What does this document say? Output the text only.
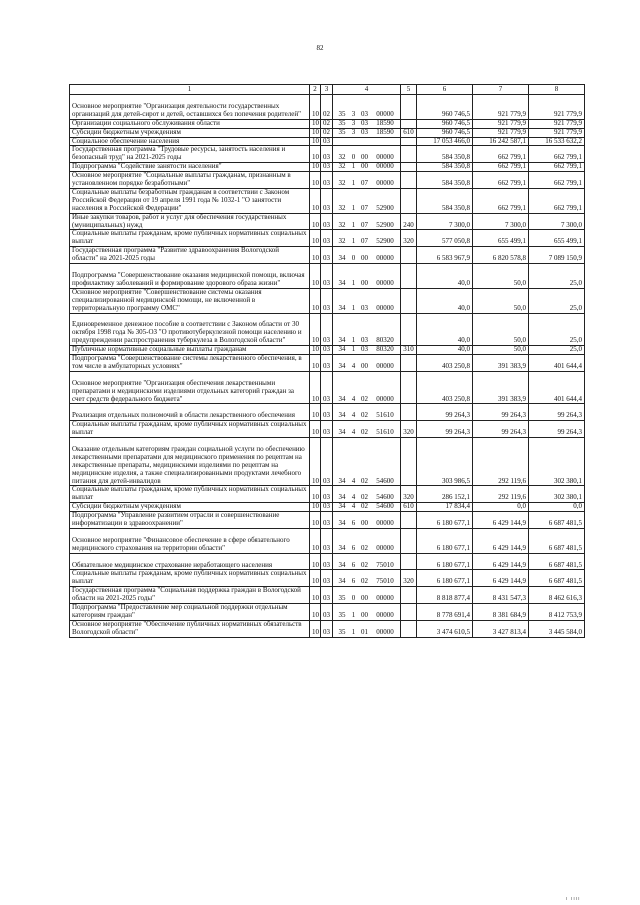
82
1	2	3	4	5	6	7	8
Основное мероприятие "Организация деятельности государственных организаций для детей-сирот и детей, оставшихся без попечения родителей"	10	02	35 3 03 00000		960 746,5	921 779,9	921 779,9
Организации социального обслуживания области	10	02	35 3 03 18590		960 746,5	921 779,9	921 779,9
Субсидии бюджетным учреждениям	10	02	35 3 03 18590	610	960 746,5	921 779,9	921 779,9
Социальное обеспечение населения	10	03			17 053 466,0	16 242 587,1	16 533 632,2
Государственная программа "Трудовые ресурсы, занятость населения и безопасный труд" на 2021-2025 годы	10	03	32 0 00 00000		584 350,8	662 799,1	662 799,1
Подпрограмма "Содействие занятости населения"	10	03	32 1 00 00000		584 350,8	662 799,1	662 799,1
Основное мероприятие "Социальные выплаты гражданам, признанным в установленном порядке безработными"	10	03	32 1 07 00000		584 350,8	662 799,1	662 799,1
Социальные выплаты безработным гражданам в соответствии с Законом Российской Федерации от 19 апреля 1991 года № 1032-1 "О занятости населения в Российской Федерации"	10	03	32 1 07 52900		584 350,8	662 799,1	662 799,1
Иные закупки товаров, работ и услуг для обеспечения государственных (муниципальных) нужд	10	03	32 1 07 52900	240	7 300,0	7 300,0	7 300,0
Социальные выплаты гражданам, кроме публичных нормативных социальных выплат	10	03	32 1 07 52900	320	577 050,8	655 499,1	655 499,1
Государственная программа "Развитие здравоохранения Вологодской области" на 2021-2025 годы	10	03	34 0 00 00000		6 583 967,9	6 820 578,8	7 089 150,9
Подпрограмма "Совершенствование оказания медицинской помощи, включая профилактику заболеваний и формирование здорового образа жизни"	10	03	34 1 00 00000		40,0	50,0	25,0
Основное мероприятие "Совершенствование системы оказания специализированной медицинской помощи, не включенной в территориальную программу ОМС"	10	03	34 1 03 00000		40,0	50,0	25,0
Единовременное денежное пособие в соответствии с Законом области от 30 октября 1998 года № 305-ОЗ "О противотуберкулезной помощи населению и предупреждении распространения туберкулеза в Вологодской области"	10	03	34 1 03 80320		40,0	50,0	25,0
Публичные нормативные социальные выплаты гражданам	10	03	34 1 03 80320	310	40,0	50,0	25,0
Подпрограмма "Совершенствование системы лекарственного обеспечения, в том числе в амбулаторных условиях"	10	03	34 4 00 00000		403 250,8	391 383,9	401 644,4
Основное мероприятие "Организация обеспечения лекарственными препаратами и медицинскими изделиями отдельных категорий граждан за счет средств федерального бюджета"	10	03	34 4 02 00000		403 250,8	391 383,9	401 644,4
Реализация отдельных полномочий в области лекарственного обеспечения	10	03	34 4 02 51610		99 264,3	99 264,3	99 264,3
Социальные выплаты гражданам, кроме публичных нормативных социальных выплат	10	03	34 4 02 51610	320	99 264,3	99 264,3	99 264,3
Оказание отдельным категориям граждан социальной услуги по обеспечению лекарственными препаратами для медицинского применения по рецептам на лекарственные препараты, медицинскими изделиями по рецептам на медицинские изделия, а также специализированными продуктами лечебного питания для детей-инвалидов	10	03	34 4 02 54600		303 986,5	292 119,6	302 380,1
Социальные выплаты гражданам, кроме публичных нормативных социальных выплат	10	03	34 4 02 54600	320	286 152,1	292 119,6	302 380,1
Субсидии бюджетным учреждениям	10	03	34 4 02 54600	610	17 834,4	0,0	0,0
Подпрограмма "Управление развитием отрасли и совершенствование информатизации в здравоохранении"	10	03	34 6 00 00000		6 180 677,1	6 429 144,9	6 687 481,5
Основное мероприятие "Финансовое обеспечение в сфере обязательного медицинского страхования на территории области"	10	03	34 6 02 00000		6 180 677,1	6 429 144,9	6 687 481,5
Обязательное медицинское страхование неработающего населения	10	03	34 6 02 75010		6 180 677,1	6 429 144,9	6 687 481,5
Социальные выплаты гражданам, кроме публичных нормативных социальных выплат	10	03	34 6 02 75010	320	6 180 677,1	6 429 144,9	6 687 481,5
Государственная программа "Социальная поддержка граждан в Вологодской области на 2021-2025 годы"	10	03	35 0 00 00000		8 818 877,4	8 431 547,3	8 462 616,3
Подпрограмма "Предоставление мер социальной поддержки отдельным категориям граждан"	10	03	35 1 00 00000		8 778 691,4	8 381 684,9	8 412 753,9
Основное мероприятие "Обеспечение публичных нормативных обязательств Вологодской области"	10	03	35 1 01 00000		3 474 610,5	3 427 813,4	3 445 584,0
ı ıııı
